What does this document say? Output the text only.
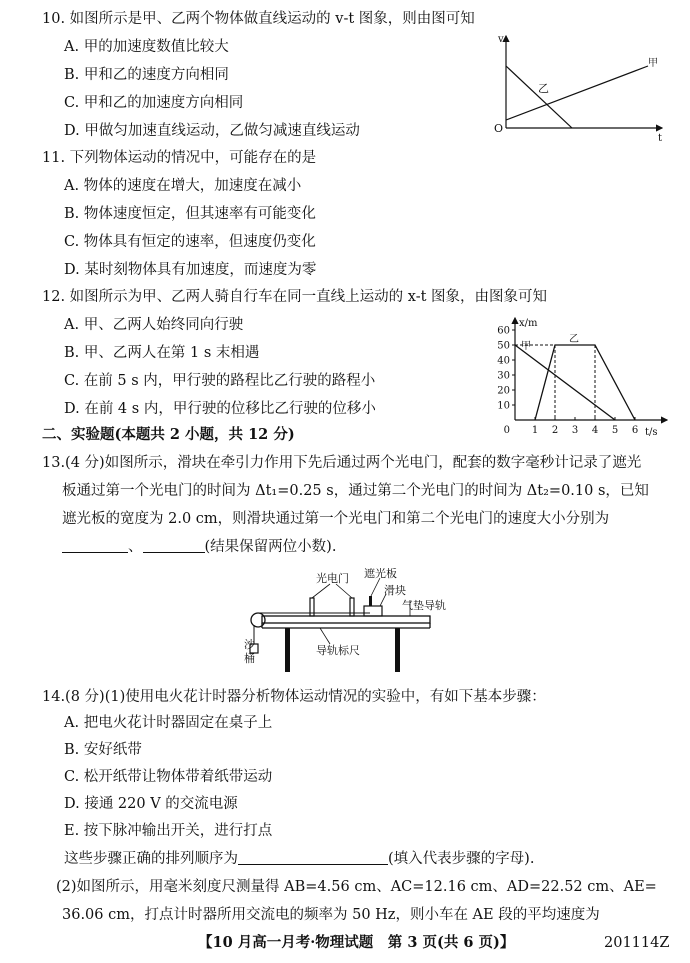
10. 如图所示是甲、乙两个物体做直线运动的 v-t 图象，则由图可知
A. 甲的加速度数值比较大
B. 甲和乙的速度方向相同
C. 甲和乙的加速度方向相同
D. 甲做匀加速直线运动，乙做匀减速直线运动
v
t
O
甲
乙
11. 下列物体运动的情况中，可能存在的是
A. 物体的速度在增大，加速度在减小
B. 物体速度恒定，但其速率有可能变化
C. 物体具有恒定的速率，但速度仍变化
D. 某时刻物体具有加速度，而速度为零
12. 如图所示为甲、乙两人骑自行车在同一直线上运动的 x-t 图象，由图象可知
A. 甲、乙两人始终同向行驶
B. 甲、乙两人在第 1 s 末相遇
C. 在前 5 s 内，甲行驶的路程比乙行驶的路程小
D. 在前 4 s 内，甲行驶的位移比乙行驶的位移小	10
20
30
40
50
60
1 2 3 4 5 6
0
x/m
t/s
甲
乙
二、实验题(本题共 2 小题，共 12 分)
13.(4 分)如图所示，滑块在牵引力作用下先后通过两个光电门，配套的数字毫秒计记录了遮光
板通过第一个光电门的时间为 Δt₁=0.25 s，通过第二个光电门的时间为 Δt₂=0.10 s，已知
遮光板的宽度为 2.0 cm，则滑块通过第一个光电门和第二个光电门的速度大小分别为
、	(结果保留两位小数).
光电门 遮光板
滑块
气垫导轨
导轨标尺
沙
桶
14.(8 分)(1)使用电火花计时器分析物体运动情况的实验中，有如下基本步骤：
A. 把电火花计时器固定在桌子上
B. 安好纸带
C. 松开纸带让物体带着纸带运动
D. 接通 220 V 的交流电源
E. 按下脉冲输出开关，进行打点
这些步骤正确的排列顺序为	(填入代表步骤的字母).
(2)如图所示，用毫米刻度尺测量得 AB=4.56 cm、AC=12.16 cm、AD=22.52 cm、AE=
36.06 cm，打点计时器所用交流电的频率为 50 Hz，则小车在 AE 段的平均速度为
【10 月高一月考·物理试题　第 3 页(共 6 页)】	201114Z
